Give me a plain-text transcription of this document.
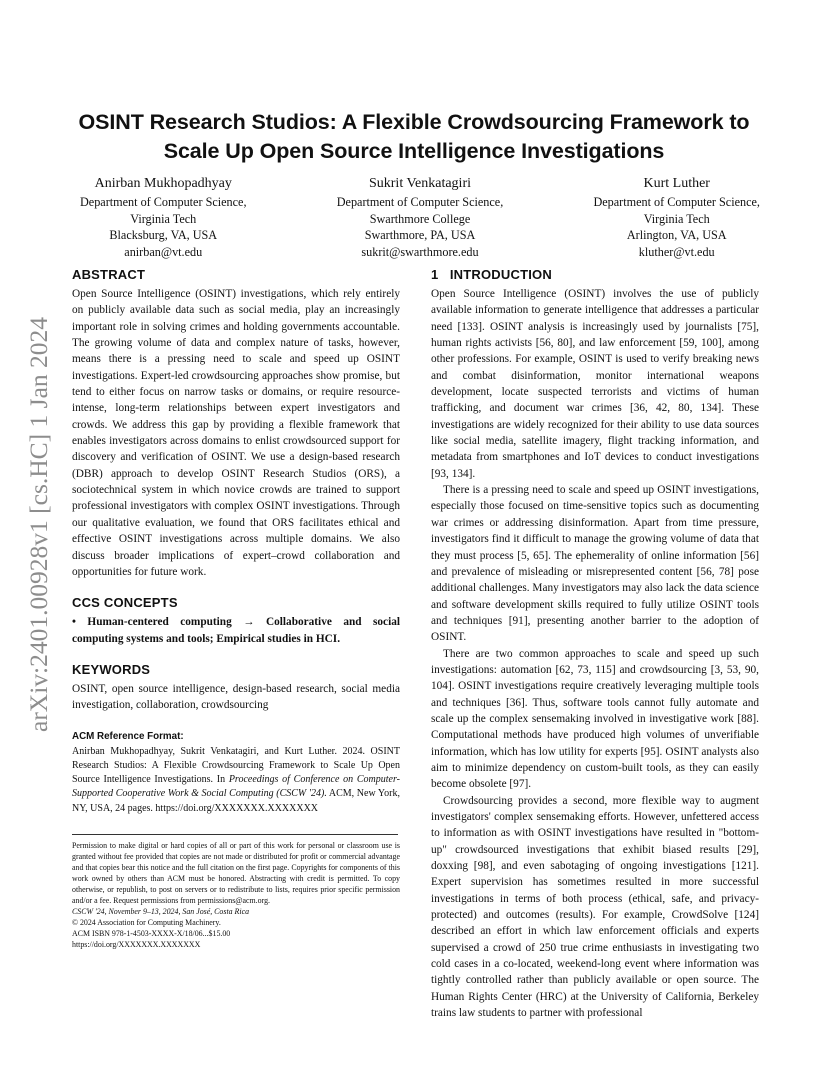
arXiv:2401.00928v1 [cs.HC] 1 Jan 2024
OSINT Research Studios: A Flexible Crowdsourcing Framework to Scale Up Open Source Intelligence Investigations
Anirban Mukhopadhyay
Department of Computer Science,
Virginia Tech
Blacksburg, VA, USA
anirban@vt.edu
Sukrit Venkatagiri
Department of Computer Science,
Swarthmore College
Swarthmore, PA, USA
sukrit@swarthmore.edu
Kurt Luther
Department of Computer Science,
Virginia Tech
Arlington, VA, USA
kluther@vt.edu
ABSTRACT

Open Source Intelligence (OSINT) investigations, which rely entirely on publicly available data such as social media, play an increasingly important role in solving crimes and holding governments accountable. The growing volume of data and complex nature of tasks, however, means there is a pressing need to scale and speed up OSINT investigations. Expert-led crowdsourcing approaches show promise, but tend to either focus on narrow tasks or domains, or require resource-intense, long-term relationships between expert investigators and crowds. We address this gap by providing a flexible framework that enables investigators across domains to enlist crowdsourced support for discovery and verification of OSINT. We use a design-based research (DBR) approach to develop OSINT Research Studios (ORS), a sociotechnical system in which novice crowds are trained to support professional investigators with complex OSINT investigations. Through our qualitative evaluation, we found that ORS facilitates ethical and effective OSINT investigations across multiple domains. We also discuss broader implications of expert–crowd collaboration and opportunities for future work.

CCS CONCEPTS

• Human-centered computing → Collaborative and social computing systems and tools; Empirical studies in HCI.

KEYWORDS

OSINT, open source intelligence, design-based research, social media investigation, collaboration, crowdsourcing

ACM Reference Format:

Anirban Mukhopadhyay, Sukrit Venkatagiri, and Kurt Luther. 2024. OSINT Research Studios: A Flexible Crowdsourcing Framework to Scale Up Open Source Intelligence Investigations. In Proceedings of Conference on Computer-Supported Cooperative Work & Social Computing (CSCW '24). ACM, New York, NY, USA, 24 pages. https://doi.org/XXXXXXX.XXXXXXX

Permission to make digital or hard copies of all or part of this work for personal or classroom use is granted without fee provided that copies are not made or distributed for profit or commercial advantage and that copies bear this notice and the full citation on the first page. Copyrights for components of this work owned by others than ACM must be honored. Abstracting with credit is permitted. To copy otherwise, or republish, to post on servers or to redistribute to lists, requires prior specific permission and/or a fee. Request permissions from permissions@acm.org.

CSCW '24, November 9–13, 2024, San José, Costa Rica
© 2024 Association for Computing Machinery.
ACM ISBN 978-1-4503-XXXX-X/18/06...$15.00
https://doi.org/XXXXXXX.XXXXXXX
1   INTRODUCTION

Open Source Intelligence (OSINT) involves the use of publicly available information to generate intelligence that addresses a particular need [133]. OSINT analysis is increasingly used by journalists [75], human rights activists [56, 80], and law enforcement [59, 100], among other professions. For example, OSINT is used to verify breaking news and combat disinformation, monitor international weapons development, locate suspected terrorists and victims of human trafficking, and document war crimes [36, 42, 80, 134]. These investigations are widely recognized for their ability to use data sources like social media, satellite imagery, flight tracking information, and metadata from smartphones and IoT devices to conduct investigations [93, 134].

There is a pressing need to scale and speed up OSINT investigations, especially those focused on time-sensitive topics such as documenting war crimes or addressing disinformation. Apart from time pressure, investigators find it difficult to manage the growing volume of data that they must process [5, 65]. The ephemerality of online information [56] and prevalence of misleading or misrepresented content [56, 78] pose additional challenges. Many investigators may also lack the data science and software development skills required to fully utilize OSINT tools and techniques [91], presenting another barrier to the adoption of OSINT.

There are two common approaches to scale and speed up such investigations: automation [62, 73, 115] and crowdsourcing [3, 53, 90, 104]. OSINT investigations require creatively leveraging multiple tools and techniques [36]. Thus, software tools cannot fully automate and scale up the complex sensemaking involved in investigative work [88]. Computational methods have produced high volumes of unverifiable information, which has low utility for experts [95]. OSINT analysts also aim to minimize dependency on custom-built tools, as they can easily become obsolete [97].

Crowdsourcing provides a second, more flexible way to augment investigators' complex sensemaking efforts. However, unfettered access to information as with OSINT investigations have resulted in "bottom-up" crowdsourced investigations that exhibit biased results [29], doxxing [98], and even sabotaging of ongoing investigations [121]. Expert supervision has sometimes resulted in more successful investigations in terms of both process (ethical, safe, and privacy-protected) and outcomes (results). For example, CrowdSolve [124] described an effort in which law enforcement officials and experts supervised a crowd of 250 true crime enthusiasts in investigating two cold cases in a co-located, weekend-long event where information was tightly controlled rather than publicly available or open source. The Human Rights Center (HRC) at the University of California, Berkeley trains law students to partner with professional
